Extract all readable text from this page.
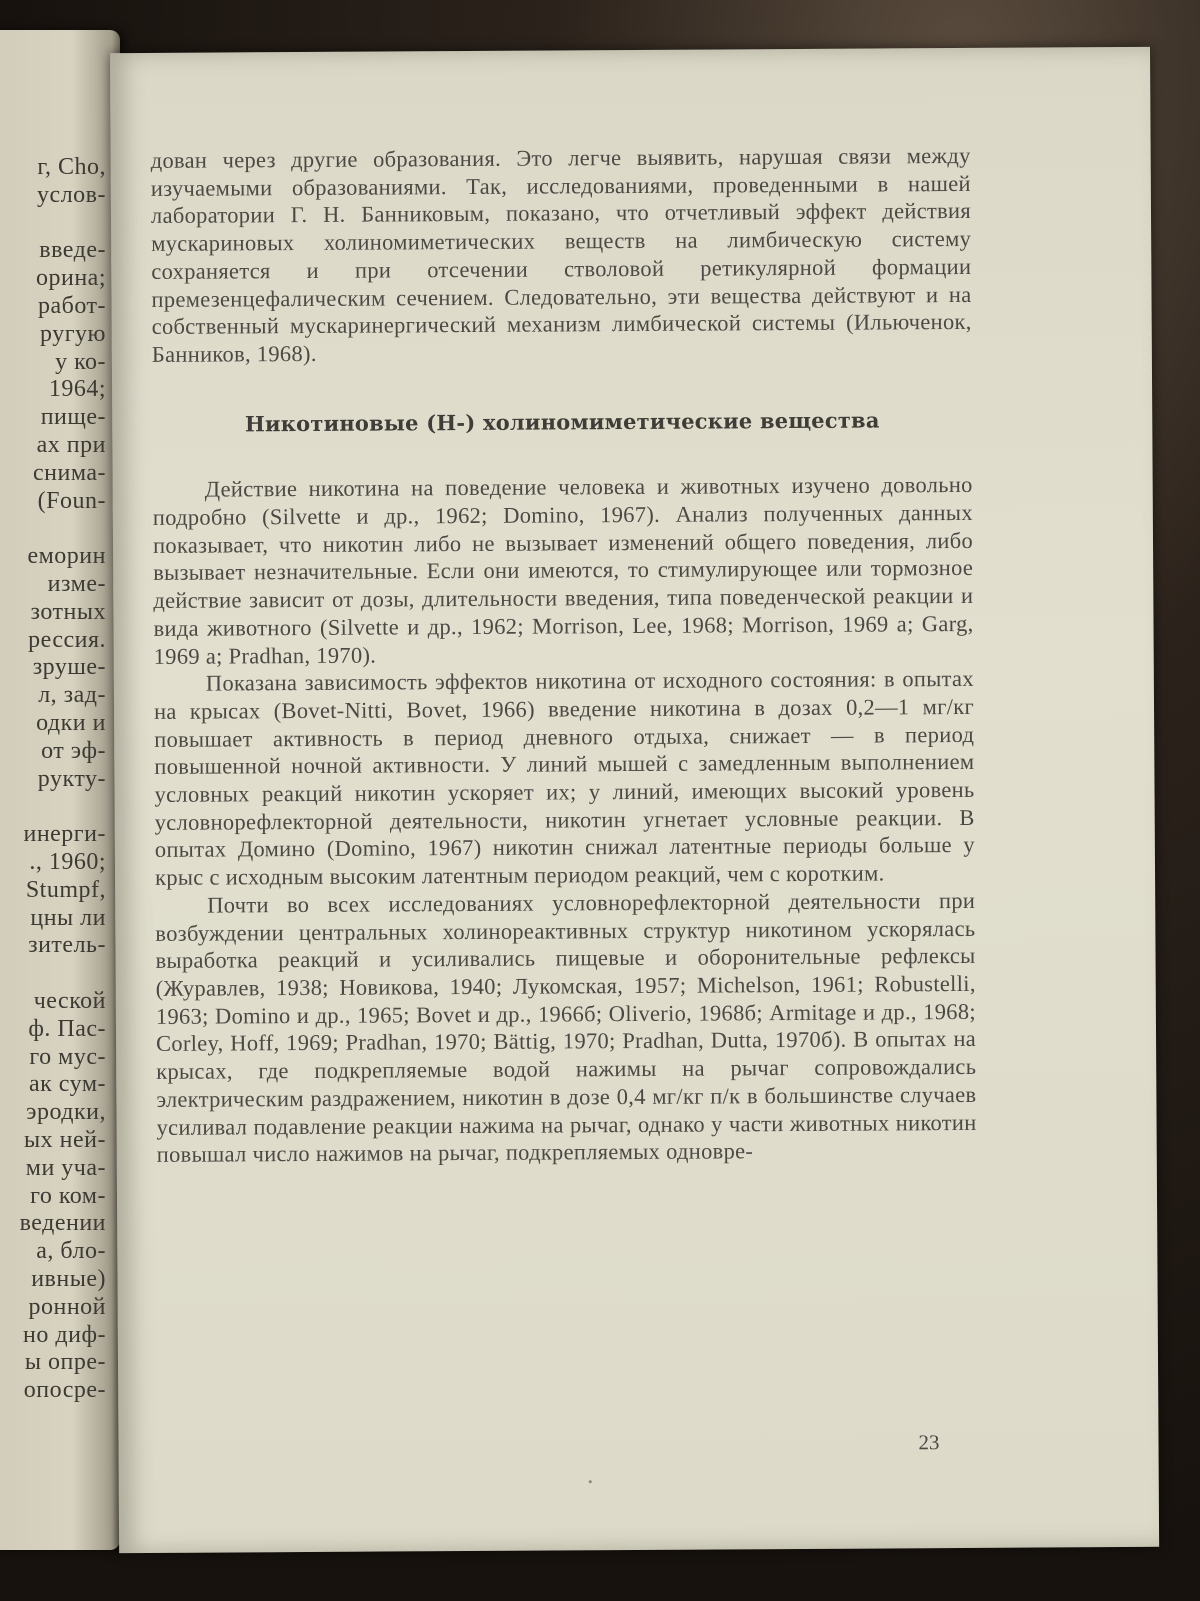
г, Cho,
услов-
введе-
орина;
работ-
ругую
у ко-
1964;
пище-
ах при
снима-
(Foun-
еморин
изме-
зотных
рессия.
зруше-
л, зад-
одки и
от эф-
рукту-
инерги-
., 1960;
Stumpf,
цны ли
зитель-
ческой
ф. Пас-
го мус-
ак сум-
эродки,
ых ней-
ми уча-
го ком-
ведении
а, бло-
ивные)
ронной
но диф-
ы опре-
опосре-

дован через другие образования. Это легче выявить, нарушая связи между изучаемыми образованиями. Так, исследованиями, проведенными в нашей лаборатории Г. Н. Банниковым, показано, что отчетливый эффект действия мускариновых холиномиметических веществ на лимбическую систему сохраняется и при отсечении стволовой ретикулярной формации премезенцефалическим сечением. Следовательно, эти вещества действуют и на собственный мускаринергический механизм лимбической системы (Ильюченок, Банников, 1968).

Никотиновые (Н-) холиномиметические вещества

Действие никотина на поведение человека и животных изучено довольно подробно (Silvette и др., 1962; Domino, 1967). Анализ полученных данных показывает, что никотин либо не вызывает изменений общего поведения, либо вызывает незначительные. Если они имеются, то стимулирующее или тормозное действие зависит от дозы, длительности введения, типа поведенческой реакции и вида животного (Silvette и др., 1962; Morrison, Lee, 1968; Morrison, 1969 а; Garg, 1969 а; Pradhan, 1970).

Показана зависимость эффектов никотина от исходного состояния: в опытах на крысах (Bovet-Nitti, Bovet, 1966) введение никотина в дозах 0,2—1 мг/кг повышает активность в период дневного отдыха, снижает — в период повышенной ночной активности. У линий мышей с замедленным выполнением условных реакций никотин ускоряет их; у линий, имеющих высокий уровень условнорефлекторной деятельности, никотин угнетает условные реакции. В опытах Домино (Domino, 1967) никотин снижал латентные периоды больше у крыс с исходным высоким латентным периодом реакций, чем с коротким.

Почти во всех исследованиях условнорефлекторной деятельности при возбуждении центральных холинореактивных структур никотином ускорялась выработка реакций и усиливались пищевые и оборонительные рефлексы (Журавлев, 1938; Новикова, 1940; Лукомская, 1957; Michelson, 1961; Robustelli, 1963; Domino и др., 1965; Bovet и др., 1966б; Oliverio, 1968б; Armitage и др., 1968; Corley, Hoff, 1969; Pradhan, 1970; Bättig, 1970; Pradhan, Dutta, 1970б). В опытах на крысах, где подкрепляемые водой нажимы на рычаг сопровождались электрическим раздражением, никотин в дозе 0,4 мг/кг п/к в большинстве случаев усиливал подавление реакции нажима на рычаг, однако у части животных никотин повышал число нажимов на рычаг, подкрепляемых одновре-

23
